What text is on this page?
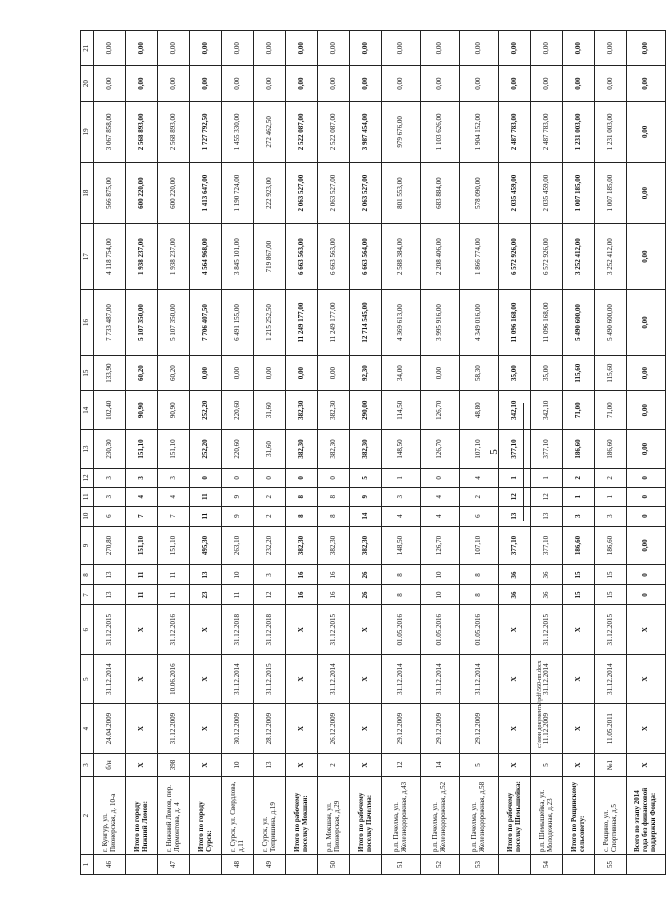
5
c:\мои документы\pdf\560-пп.docx
1	2	3	4	5	6	7	8	9	10	11	12	13	14	15	16	17	18	19	20	21
46	г. Кунгур, ул. Пионерская, д. 10-а	б/н	24.04.2009	31.12.2014	31.12.2015	13	13	270,80	6	3	3	230,30	102,40	133,90	7 733 487,00	4 118 754,00	566 875,00	3 067 858,00	0,00	0,00
	Итого по городу Нижний Ломов:	X	X	X	X	11	11	151,10	7	4	3	151,10	90,90	60,20	5 107 350,00	1 938 237,00	600 220,00	2 568 893,00	0,00	0,00
47	г. Нижний Ломов, пер. Лермонтова, д. 4	398	31.12.2009	10.06.2016	31.12.2016	11	11	151,10	7	4	3	151,10	90,90	60,20	5 107 350,00	1 938 237,00	600 220,00	2 568 893,00	0,00	0,00
	Итого по городу Сурск:	X	X	X	X	23	13	495,30	11	11	0	252,20	252,20	0,00	7 706 407,50	4 564 968,00	1 413 647,00	1 727 792,50	0,00	0,00
48	г. Сурск, ул. Свердлова, д.11	10	30.12.2009	31.12.2014	31.12.2018	11	10	263,10	9	9	0	220,60	220,60	0,00	6 491 155,00	3 845 101,00	1 190 724,00	1 455 330,00	0,00	0,00
49	г. Сурск, ул. Тепришина, д.19	13	28.12.2009	31.12.2015	31.12.2018	12	3	232,20	2	2	0	31,60	31,60	0,00	1 215 252,50	719 867,00	222 923,00	272 462,50	0,00	0,00
	Итого по рабочему поселку Мокшан:	X	X	X	X	16	16	382,30	8	8	0	382,30	382,30	0,00	11 249 177,00	6 663 563,00	2 063 527,00	2 522 087,00	0,00	0,00
50	р.п. Мокшан, ул. Пионерская, д.29	2	26.12.2009	31.12.2014	31.12.2015	16	16	382,30	8	8	0	382,30	382,30	0,00	11 249 177,00	6 663 563,00	2 063 527,00	2 522 087,00	0,00	0,00
	Итого по рабочему поселку Пачелма:	X	X	X	X	26	26	382,30	14	9	5	382,30	290,00	92,30	12 714 545,00	6 663 564,00	2 063 527,00	3 987 454,00	0,00	0,00
51	р.п. Пачелма, ул. Железнодорожная, д.43	12	29.12.2009	31.12.2014	01.05.2016	8	8	148,50	4	3	1	148,50	114,50	34,00	4 369 613,00	2 588 384,00	801 553,00	979 676,00	0,00	0,00
52	р.п. Пачелма, ул. Железнодорожная, д.52	14	29.12.2009	31.12.2014	01.05.2016	10	10	126,70	4	4	0	126,70	126,70	0,00	3 995 916,00	2 208 406,00	683 884,00	1 103 626,00	0,00	0,00
53	р.п. Пачелма, ул. Железнодорожная, д.58	5	29.12.2009	31.12.2014	01.05.2016	8	8	107,10	6	2	4	107,10	48,80	58,30	4 349 016,00	1 866 774,00	578 090,00	1 904 152,00	0,00	0,00
	Итого по рабочему поселку Шемышейка:	X	X	X	X	36	36	377,10	13	12	1	377,10	342,10	35,00	11 096 168,00	6 572 926,00	2 035 459,00	2 487 783,00	0,00	0,00
54	р.п. Шемышейка, ул. Молодежная, д.23	5	11.12.2009	31.12.2014	31.12.2015	36	36	377,10	13	12	1	377,10	342,10	35,00	11 096 168,00	6 572 926,00	2 035 459,00	2 487 783,00	0,00	0,00
	Итого по Рощинскому сельсовету:	X	X	X	X	15	15	186,60	3	1	2	186,60	71,00	115,60	5 490 600,00	3 252 412,00	1 007 185,00	1 231 003,00	0,00	0,00
55	с. Рощино, ул. Спортивная, д.5	№1	11.05.2011	31.12.2014	31.12.2015	15	15	186,60	3	1	2	186,60	71,00	115,60	5 490 600,00	3 252 412,00	1 007 185,00	1 231 003,00	0,00	0,00
	Всего по этапу 2014 года без финансовой поддержки Фонда:	X	X	X	X	0	0	0,00	0	0	0	0,00	0,00	0,00	0,00	0,00	0,00	0,00	0,00	0,00
